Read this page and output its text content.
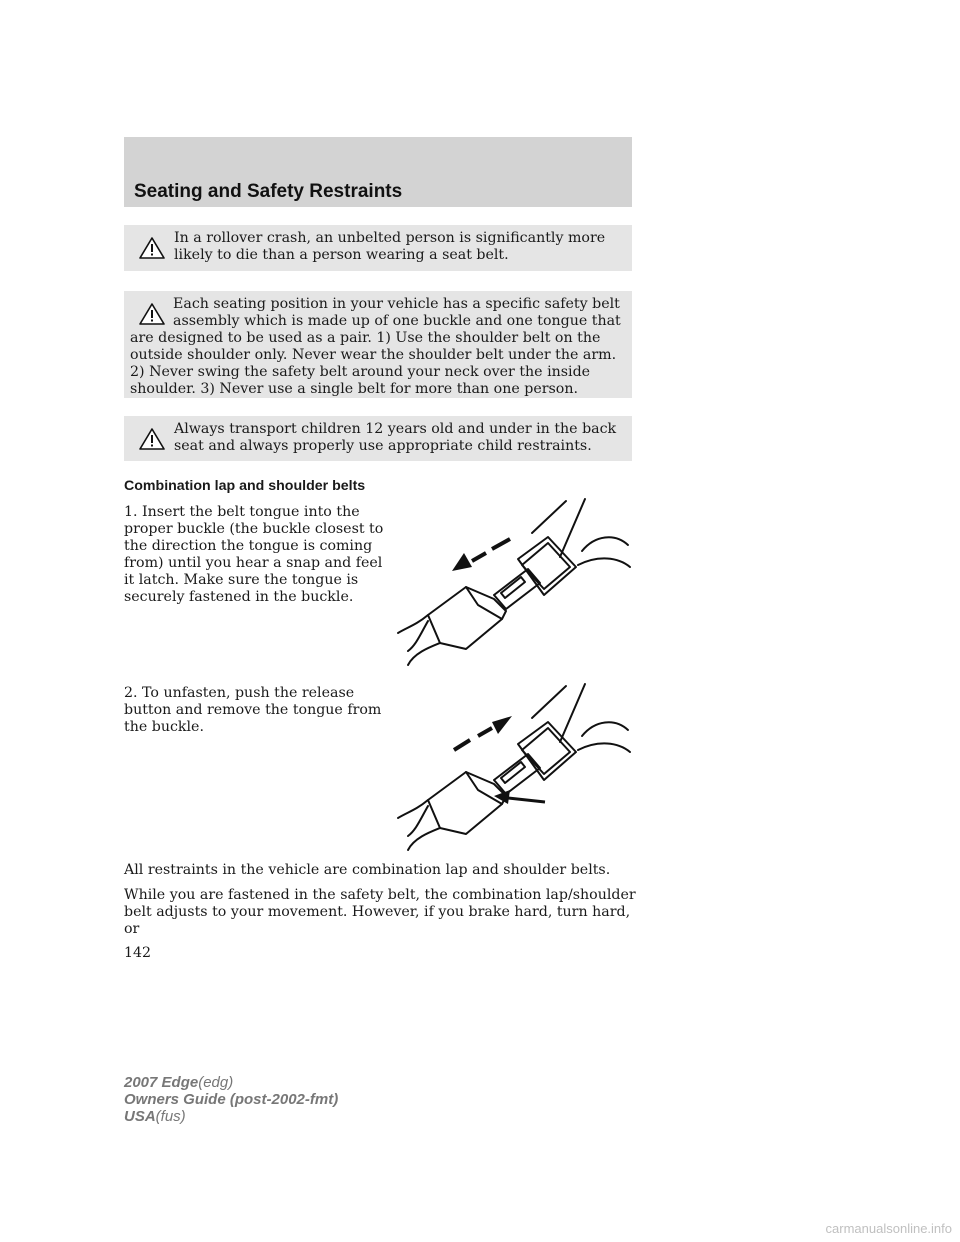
Seating and Safety Restraints

In a rollover crash, an unbelted person is significantly more likely to die than a person wearing a seat belt.

Each seating position in your vehicle has a specific safety belt assembly which is made up of one buckle and one tongue that are designed to be used as a pair. 1) Use the shoulder belt on the outside shoulder only. Never wear the shoulder belt under the arm. 2) Never swing the safety belt around your neck over the inside shoulder. 3) Never use a single belt for more than one person.

Always transport children 12 years old and under in the back seat and always properly use appropriate child restraints.

Combination lap and shoulder belts

1. Insert the belt tongue into the proper buckle (the buckle closest to the direction the tongue is coming from) until you hear a snap and feel it latch. Make sure the tongue is securely fastened in the buckle.

2. To unfasten, push the release button and remove the tongue from the buckle.

All restraints in the vehicle are combination lap and shoulder belts.

While you are fastened in the safety belt, the combination lap/shoulder belt adjusts to your movement. However, if you brake hard, turn hard, or

142

2007 Edge(edg)
Owners Guide (post-2002-fmt)
USA(fus)
carmanualsonline.info
